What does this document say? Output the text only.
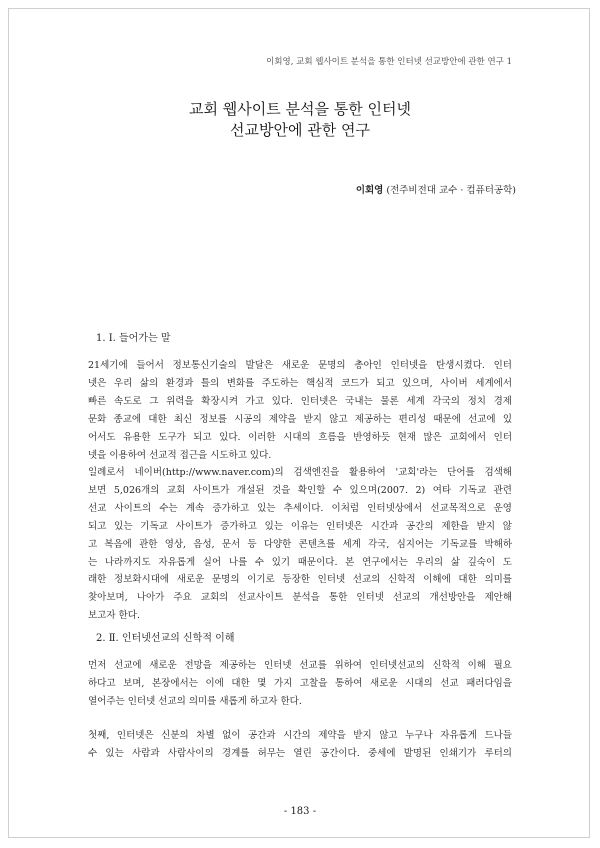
이회영, 교회 웹사이트 분석을 통한 인터넷 선교방안에 관한 연구 1
교회 웹사이트 분석을 통한 인터넷
선교방안에 관한 연구
이회영 (전주비전대 교수 · 컴퓨터공학)
1. Ⅰ. 들어가는 말
21세기에 들어서 정보통신기술의 발달은 새로운 문명의 총아인 인터넷을 탄생시켰다. 인터
넷은 우리 삶의 환경과 틀의 변화를 주도하는 핵심적 코드가 되고 있으며, 사이버 세계에서
빠른 속도로 그 위력을 확장시켜 가고 있다. 인터넷은 국내는 물론 세계 각국의 정치 경제
문화 종교에 대한 최신 정보를 시공의 제약을 받지 않고 제공하는 편리성 때문에 선교에 있
어서도 유용한 도구가 되고 있다. 이러한 시대의 흐름을 반영하듯 현재 많은 교회에서 인터
넷을 이용하여 선교적 접근을 시도하고 있다.
일례로서 네이버(http://www.naver.com)의 검색엔진을 활용하여 '교회'라는 단어를 검색해
보면 5,026개의 교회 사이트가 개설된 것을 확인할 수 있으며(2007. 2) 여타 기독교 관련
선교 사이트의 수는 계속 증가하고 있는 추세이다. 이처럼 인터넷상에서 선교목적으로 운영
되고 있는 기독교 사이트가 증가하고 있는 이유는 인터넷은 시간과 공간의 제한을 받지 않
고 복음에 관한 영상, 음성, 문서 등 다양한 콘텐츠를 세계 각국, 심지어는 기독교를 박해하
는 나라까지도 자유롭게 실어 나를 수 있기 때문이다. 본 연구에서는 우리의 삶 깊숙이 도
래한 정보화시대에 새로운 문명의 이기로 등장한 인터넷 선교의 신학적 이해에 대한 의미를
찾아보며, 나아가 주요 교회의 선교사이트 분석을 통한 인터넷 선교의 개선방안을 제안해
보고자 한다.
2. Ⅱ. 인터넷선교의 신학적 이해
먼저 선교에 새로운 전망을 제공하는 인터넷 선교를 위하여 인터넷선교의 신학적 이해 필요
하다고 보며, 본장에서는 이에 대한 몇 가지 고찰을 통하여 새로운 시대의 선교 패러다임을
열어주는 인터넷 선교의 의미를 새롭게 하고자 한다.
첫째, 인터넷은 신분의 차별 없이 공간과 시간의 제약을 받지 않고 누구나 자유롭게 드나들
수 있는 사람과 사람사이의 경계를 허무는 열린 공간이다. 중세에 발명된 인쇄기가 루터의
- 183 -
